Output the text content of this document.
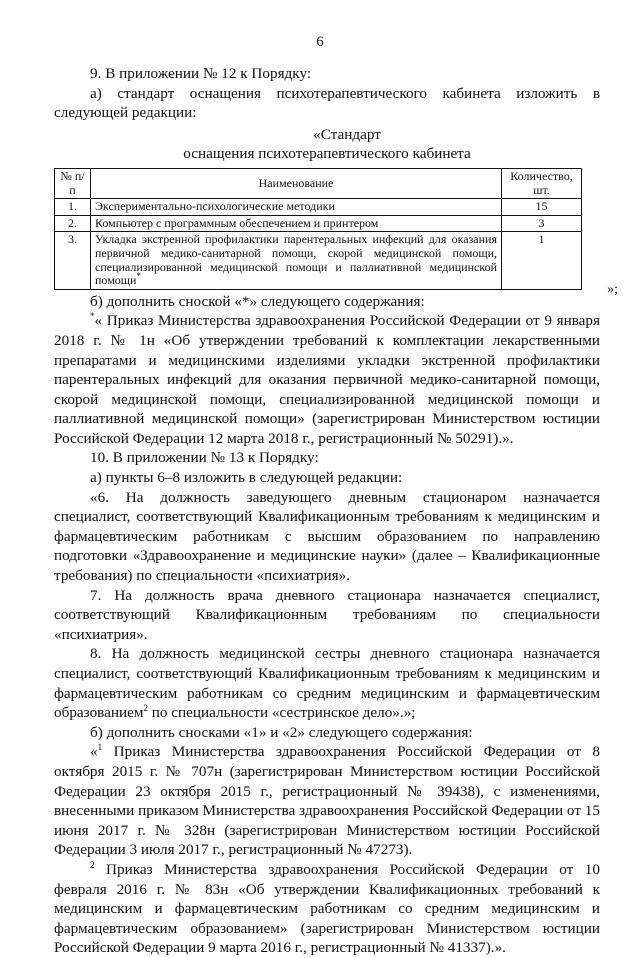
6

9. В приложении № 12 к Порядку:

а) стандарт оснащения психотерапевтического кабинета изложить в следующей редакции:

«Стандарт

оснащения психотерапевтического кабинета

№ п/п	Наименование	Количество, шт.
1.	Экспериментально-психологические методики	15
2.	Компьютер с программным обеспечением и принтером	3
3.	Укладка экстренной профилактики парентеральных инфекций для оказания первичной медико-санитарной помощи, скорой медицинской помощи, специализированной медицинской помощи и паллиативной медицинской помощи*	1
»;

б) дополнить сноской «*» следующего содержания:

*« Приказ Министерства здравоохранения Российской Федерации от 9 января 2018 г. № 1н «Об утверждении требований к комплектации лекарственными препаратами и медицинскими изделиями укладки экстренной профилактики парентеральных инфекций для оказания первичной медико-санитарной помощи, скорой медицинской помощи, специализированной медицинской помощи и паллиативной медицинской помощи» (зарегистрирован Министерством юстиции Российской Федерации 12 марта 2018 г., регистрационный № 50291).».

10. В приложении № 13 к Порядку:

а) пункты 6–8 изложить в следующей редакции:

«6. На должность заведующего дневным стационаром назначается специалист, соответствующий Квалификационным требованиям к медицинским и фармацевтическим работникам с высшим образованием по направлению подготовки «Здравоохранение и медицинские науки» (далее – Квалификационные требования) по специальности «психиатрия».

7. На должность врача дневного стационара назначается специалист, соответствующий Квалификационным требованиям по специальности «психиатрия».

8. На должность медицинской сестры дневного стационара назначается специалист, соответствующий Квалификационным требованиям к медицинским и фармацевтическим работникам со средним медицинским и фармацевтическим образованием$^2$ по специальности «сестринское дело».»;

б) дополнить сносками «1» и «2» следующего содержания:

«$^1$ Приказ Министерства здравоохранения Российской Федерации от 8 октября 2015 г. № 707н (зарегистрирован Министерством юстиции Российской Федерации 23 октября 2015 г., регистрационный № 39438), с изменениями, внесенными приказом Министерства здравоохранения Российской Федерации от 15 июня 2017 г. № 328н (зарегистрирован Министерством юстиции Российской Федерации 3 июля 2017 г., регистрационный № 47273).

$^2$ Приказ Министерства здравоохранения Российской Федерации от 10 февраля 2016 г. № 83н «Об утверждении Квалификационных требований к медицинским и фармацевтическим работникам со средним медицинским и фармацевтическим образованием» (зарегистрирован Министерством юстиции Российской Федерации 9 марта 2016 г., регистрационный № 41337).».
